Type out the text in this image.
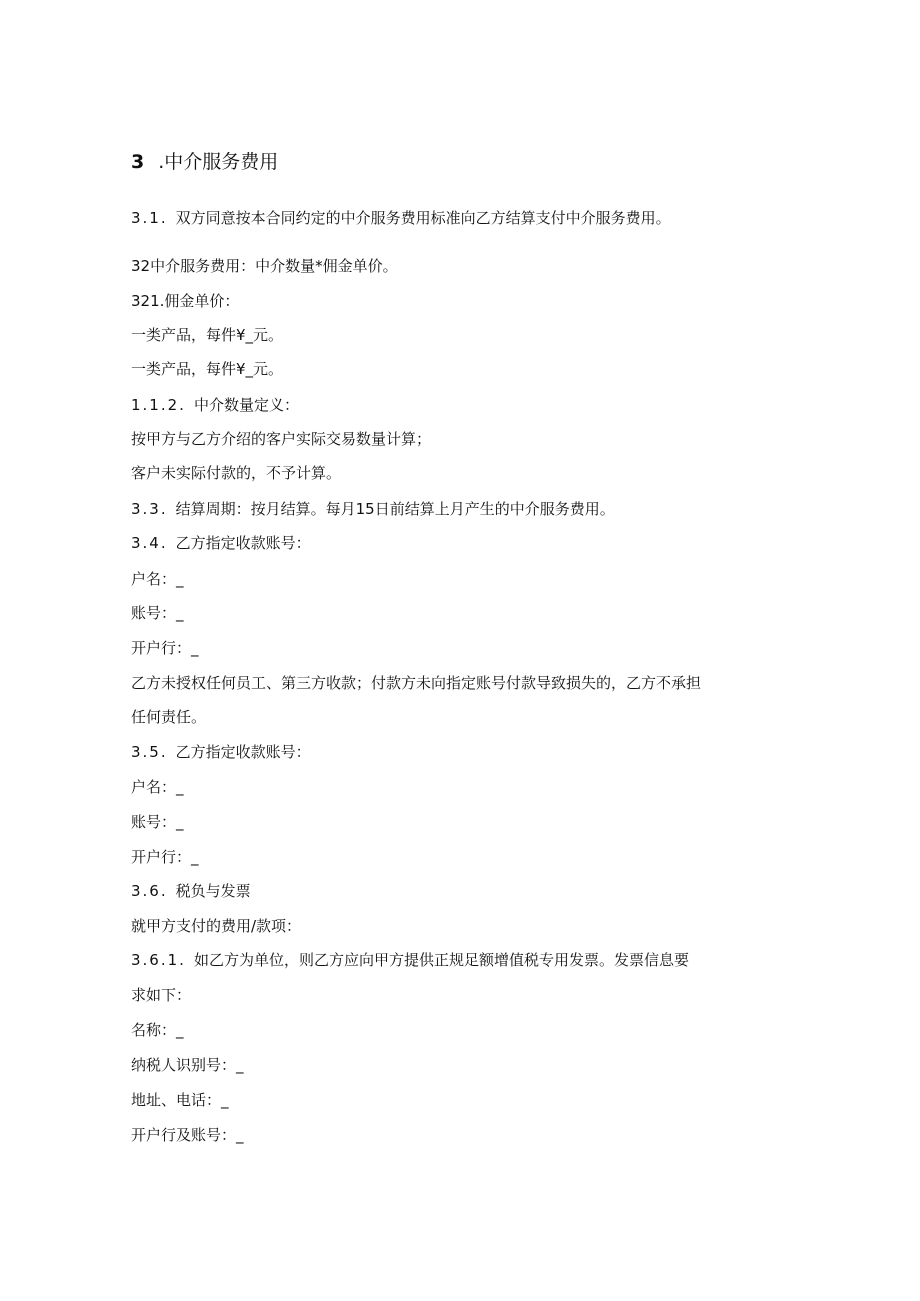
3 .中介服务费用
3.1. 双方同意按本合同约定的中介服务费用标准向乙方结算支付中介服务费用。
32中介服务费用：中介数量*佣金单价。
321.佣金单价：
一类产品，每件¥_元。
一类产品，每件¥_元。
1.1.2. 中介数量定义：
按甲方与乙方介绍的客户实际交易数量计算；
客户未实际付款的，不予计算。
3.3. 结算周期：按月结算。每月15日前结算上月产生的中介服务费用。
3.4. 乙方指定收款账号：
户名：_
账号：_
开户行：_
乙方未授权任何员工、第三方收款；付款方未向指定账号付款导致损失的，乙方不承担
任何责任。
3.5. 乙方指定收款账号：
户名：_
账号：_
开户行：_
3.6. 税负与发票
就甲方支付的费用/款项：
3.6.1. 如乙方为单位，则乙方应向甲方提供正规足额增值税专用发票。发票信息要
求如下：
名称：_
纳税人识别号：_
地址、电话：_
开户行及账号：_
